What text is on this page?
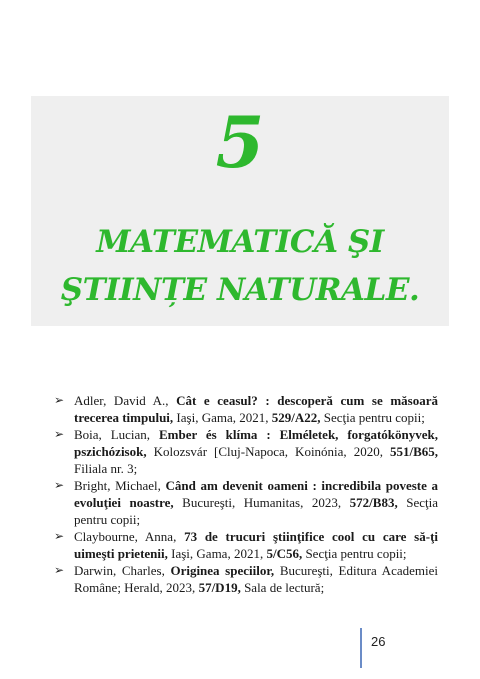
5
MATEMATICĂ ŞI
ŞTIINȚE NATURALE.
➢ Adler, David A., Cât e ceasul? : descoperă cum se măsoară trecerea timpului, Iaşi, Gama, 2021, 529/A22, Secţia pentru copii;
➢ Boia, Lucian, Ember és klíma : Elméletek, forgatókönyvek, pszichózisok, Kolozsvár [Cluj-Napoca, Koinónia, 2020, 551/B65, Filiala nr. 3;
➢ Bright, Michael, Când am devenit oameni : incredibila poveste a evoluţiei noastre, Bucureşti, Humanitas, 2023, 572/B83, Secţia pentru copii;
➢ Claybourne, Anna, 73 de trucuri ştiinţifice cool cu care să-ţi uimeşti prietenii, Iaşi, Gama, 2021, 5/C56, Secţia pentru copii;
➢ Darwin, Charles, Originea speciilor, Bucureşti, Editura Academiei Române; Herald, 2023, 57/D19, Sala de lectură;
26
